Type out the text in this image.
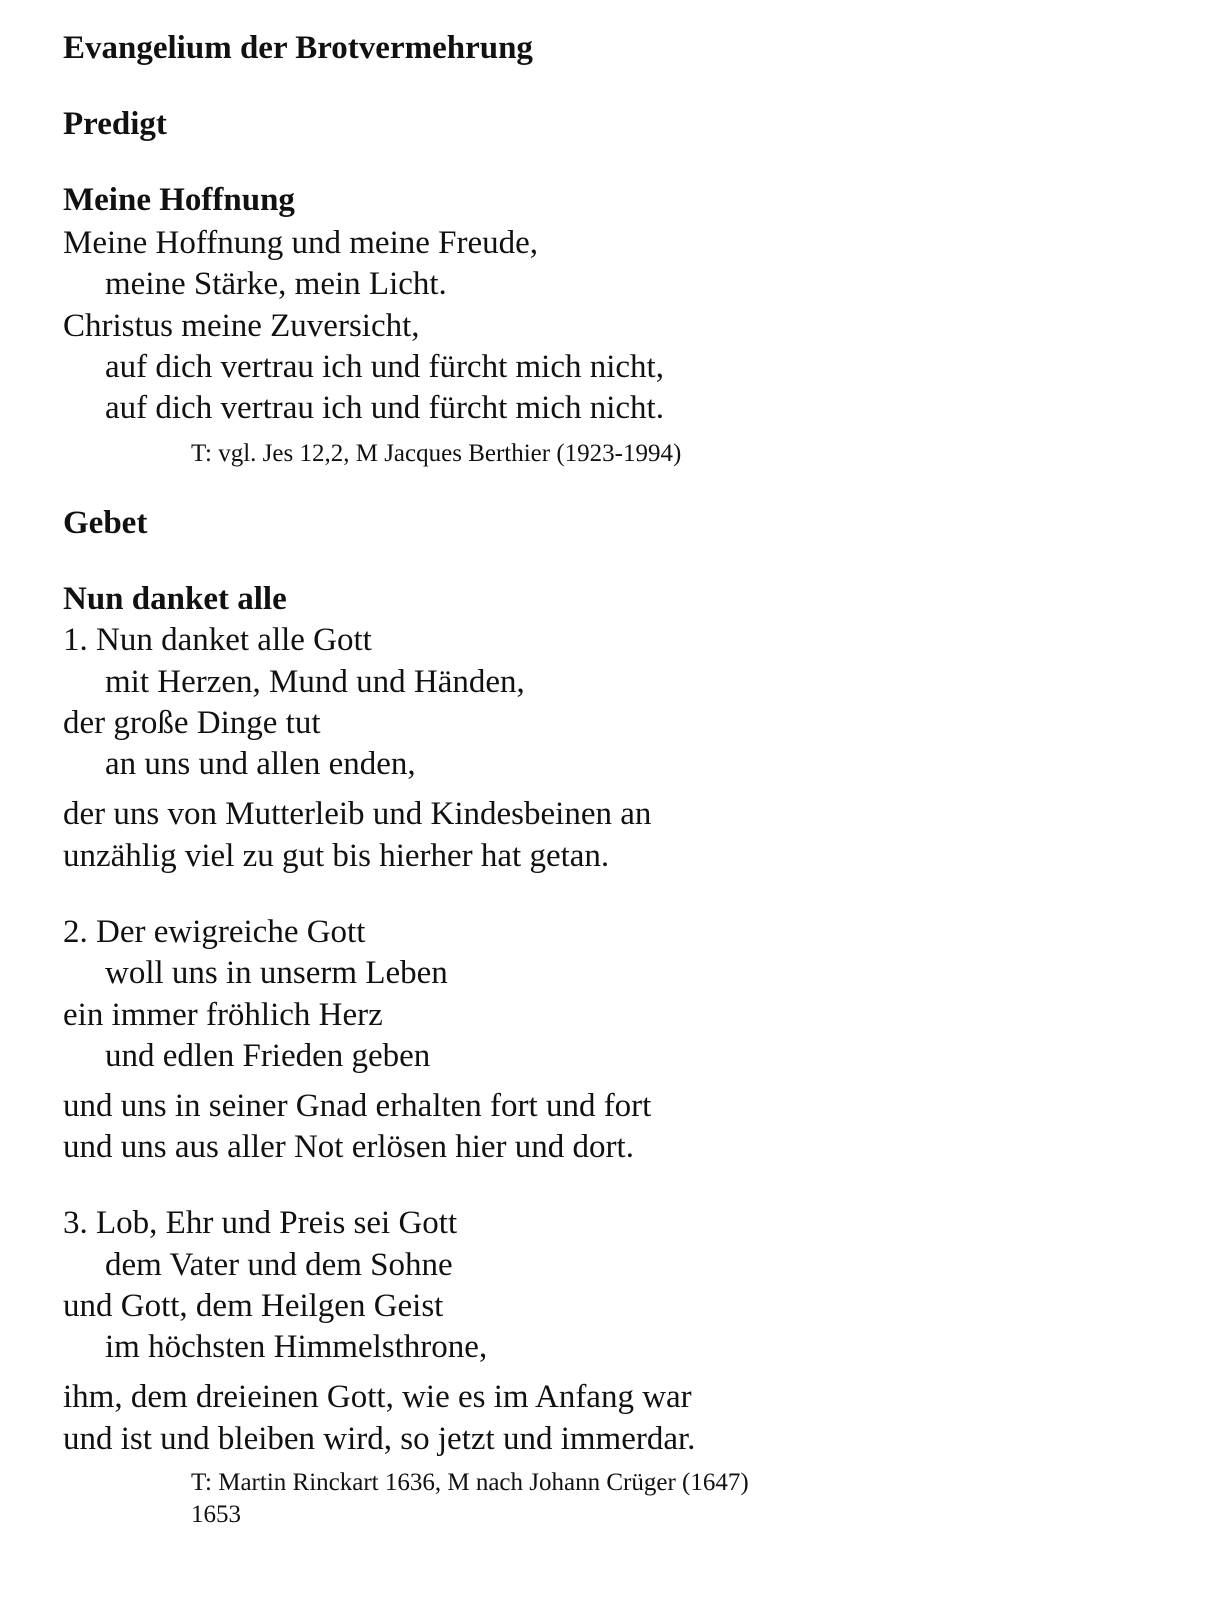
Evangelium der Brotvermehrung
Predigt
Meine Hoffnung
Meine Hoffnung und meine Freude,
meine Stärke, mein Licht.
Christus meine Zuversicht,
auf dich vertrau ich und fürcht mich nicht,
auf dich vertrau ich und fürcht mich nicht.
T: vgl. Jes 12,2, M Jacques Berthier (1923-1994)
Gebet
Nun danket alle
1. Nun danket alle Gott
mit Herzen, Mund und Händen,
der große Dinge tut
an uns und allen enden,
der uns von Mutterleib und Kindesbeinen an
unzählig viel zu gut bis hierher hat getan.
2. Der ewigreiche Gott
woll uns in unserm Leben
ein immer fröhlich Herz
und edlen Frieden geben
und uns in seiner Gnad erhalten fort und fort
und uns aus aller Not erlösen hier und dort.
3. Lob, Ehr und Preis sei Gott
dem Vater und dem Sohne
und Gott, dem Heilgen Geist
im höchsten Himmelsthrone,
ihm, dem dreieinen Gott, wie es im Anfang war
und ist und bleiben wird, so jetzt und immerdar.
T: Martin Rinckart 1636, M nach Johann Crüger (1647)
1653
